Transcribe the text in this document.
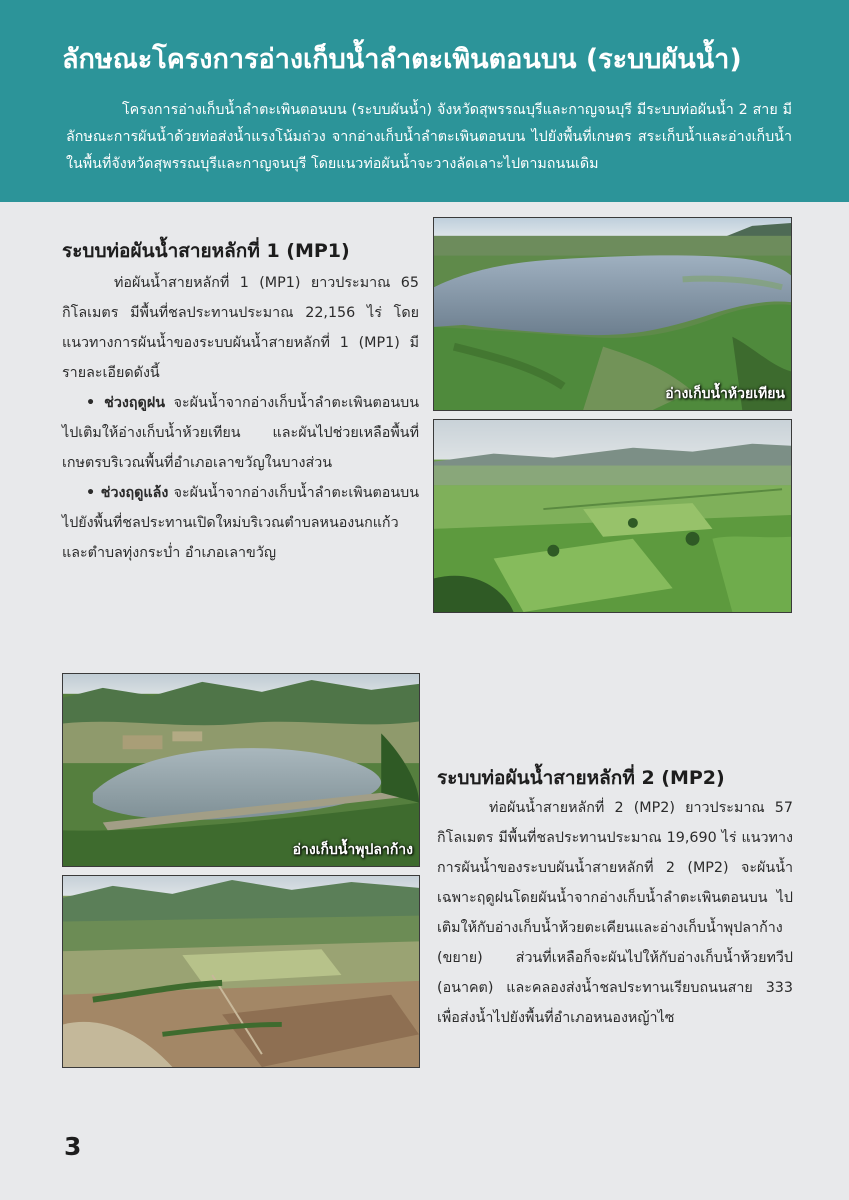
ลักษณะโครงการอ่างเก็บน้ำลำตะเพินตอนบน (ระบบผันน้ำ)

โครงการอ่างเก็บน้ำลำตะเพินตอนบน (ระบบผันน้ำ) จังหวัดสุพรรณบุรีและกาญจนบุรี มีระบบท่อผันน้ำ 2 สาย มีลักษณะการผันน้ำด้วยท่อส่งน้ำแรงโน้มถ่วง จากอ่างเก็บน้ำลำตะเพินตอนบน ไปยังพื้นที่เกษตร สระเก็บน้ำและอ่างเก็บน้ำในพื้นที่จังหวัดสุพรรณบุรีและกาญจนบุรี โดยแนวท่อผันน้ำจะวางลัดเลาะไปตามถนนเดิม

ระบบท่อผันน้ำสายหลักที่ 1 (MP1)

ท่อผันน้ำสายหลักที่ 1 (MP1) ยาวประมาณ 65 กิโลเมตร มีพื้นที่ชลประทานประมาณ 22,156 ไร่ โดยแนวทางการผันน้ำของระบบผันน้ำสายหลักที่ 1 (MP1) มีรายละเอียดดังนี้

• ช่วงฤดูฝน จะผันน้ำจากอ่างเก็บน้ำลำตะเพินตอนบนไปเติมให้อ่างเก็บน้ำห้วยเทียน และผันไปช่วยเหลือพื้นที่เกษตรบริเวณพื้นที่อำเภอเลาขวัญในบางส่วน

• ช่วงฤดูแล้ง จะผันน้ำจากอ่างเก็บน้ำลำตะเพินตอนบนไปยังพื้นที่ชลประทานเปิดใหม่บริเวณตำบลหนองนกแก้ว และตำบลทุ่งกระบ่ำ อำเภอเลาขวัญ

อ่างเก็บน้ำห้วยเทียน
อ่างเก็บน้ำพุปลาก้าง
ระบบท่อผันน้ำสายหลักที่ 2 (MP2)

ท่อผันน้ำสายหลักที่ 2 (MP2) ยาวประมาณ 57 กิโลเมตร มีพื้นที่ชลประทานประมาณ 19,690 ไร่ แนวทางการผันน้ำของระบบผันน้ำสายหลักที่ 2 (MP2) จะผันน้ำเฉพาะฤดูฝนโดยผันน้ำจากอ่างเก็บน้ำลำตะเพินตอนบน ไปเติมให้กับอ่างเก็บน้ำห้วยตะเคียนและอ่างเก็บน้ำพุปลาก้าง (ขยาย) ส่วนที่เหลือก็จะผันไปให้กับอ่างเก็บน้ำห้วยทวีป (อนาคต) และคลองส่งน้ำชลประทานเรียบถนนสาย 333 เพื่อส่งน้ำไปยังพื้นที่อำเภอหนองหญ้าไซ

3
